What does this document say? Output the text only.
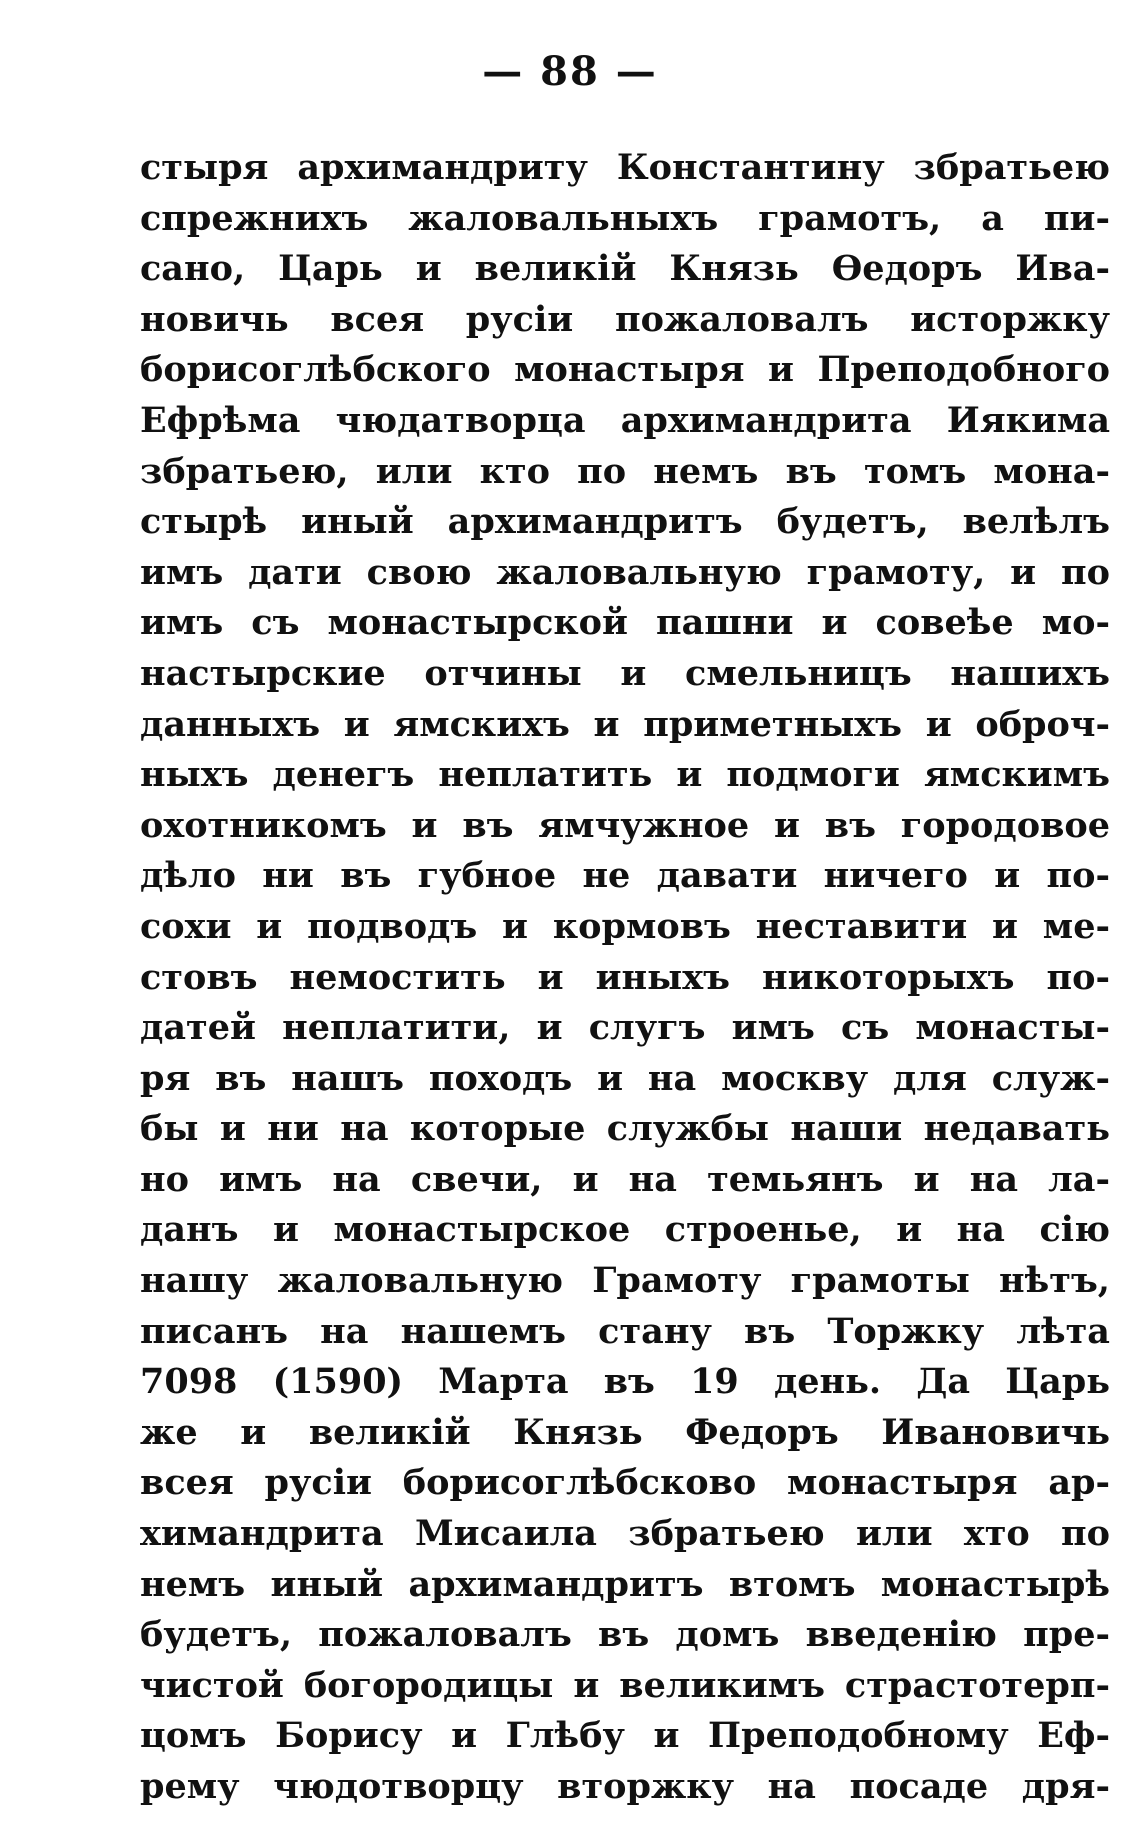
— 88 —
стыря архимандриту Константину збратьею
спрежнихъ жаловальныхъ грамотъ, а пи-
сано, Царь и великій Князь Ѳедоръ Ива-
новичь всея русіи пожаловалъ исторжку
борисоглѣбского монастыря и Преподобного
Ефрѣма чюдатворца архимандрита Иякима
збратьею, или кто по немъ въ томъ мона-
стырѣ иный архимандритъ будетъ, велѣлъ
имъ дати свою жаловальную грамоту, и по
имъ съ монастырской пашни и совеѣе мо-
настырские отчины и смельницъ нашихъ
данныхъ и ямскихъ и приметныхъ и оброч-
ныхъ денегъ неплатить и подмоги ямскимъ
охотникомъ и въ ямчужное и въ городовое
дѣло ни въ губное не давати ничего и по-
сохи и подводъ и кормовъ неставити и ме-
стовъ немостить и иныхъ никоторыхъ по-
датей неплатити, и слугъ имъ съ монасты-
ря въ нашъ походъ и на москву для служ-
бы и ни на которые службы наши недавать
но имъ на свечи, и на темьянъ и на ла-
данъ и монастырское строенье, и на сію
нашу жаловальную Грамоту грамоты нѣтъ,
писанъ на нашемъ стану въ Торжку лѣта
7098 (1590) Марта въ 19 день. Да Царь
же и великій Князь Федоръ Ивановичь
всея русіи борисоглѣбсково монастыря ар-
химандрита Мисаила збратьею или хто по
немъ иный архимандритъ втомъ монастырѣ
будетъ, пожаловалъ въ домъ введенію пре-
чистой богородицы и великимъ страстотерп-
цомъ Борису и Глѣбу и Преподобному Еф-
рему чюдотворцу вторжку на посаде дря-
